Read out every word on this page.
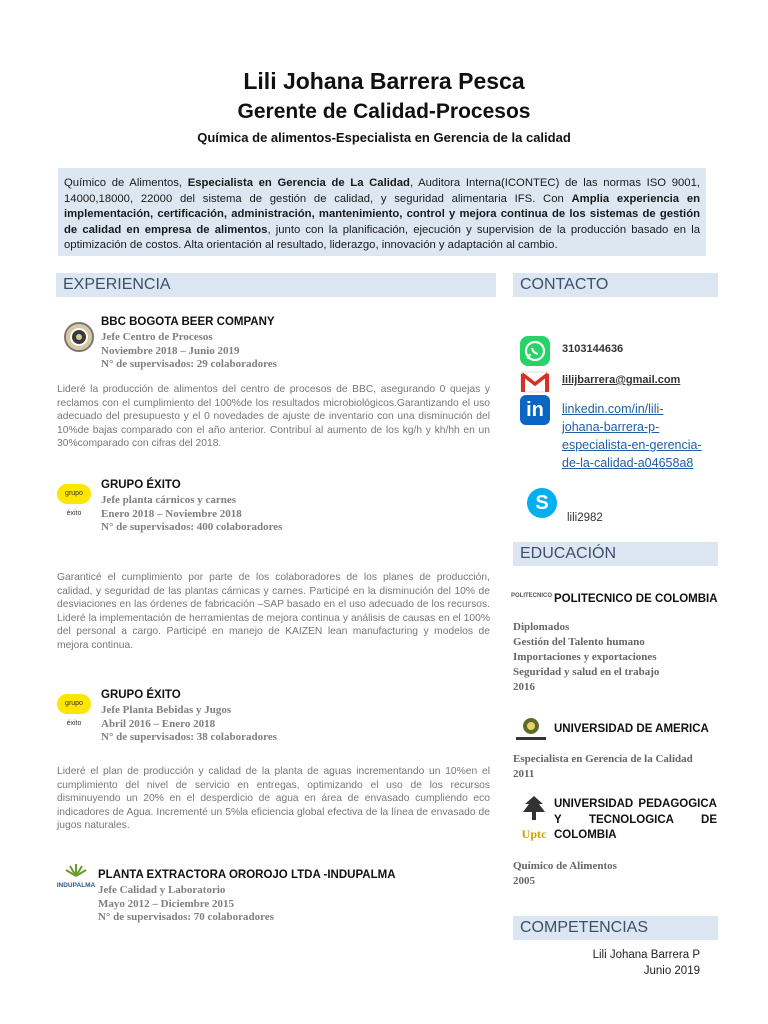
Lili Johana Barrera Pesca
Gerente de Calidad-Procesos
Química de alimentos-Especialista en Gerencia de la calidad
Químico de Alimentos, Especialista en Gerencia de La Calidad, Auditora Interna(ICONTEC) de las normas ISO 9001, 14000,18000, 22000 del sistema de gestión de calidad, y seguridad alimentaria IFS. Con Amplia experiencia en implementación, certificación, administración, mantenimiento, control y mejora continua de los sistemas de gestión de calidad en empresa de alimentos, junto con la planificación, ejecución y supervision de la producción basado en la optimización de costos. Alta orientación al resultado, liderazgo, innovación y adaptación al cambio.
EXPERIENCIA
BBC BOGOTA BEER COMPANY
Jefe Centro de Procesos
Noviembre 2018 – Junio 2019
N° de supervisados: 29 colaboradores
Lideré la producción de alimentos del centro de procesos de BBC, asegurando 0 quejas y reclamos con el cumplimiento del 100%de los resultados microbiológicos.Garantizando el uso adecuado del presupuesto y el 0 novedades de ajuste de inventario con una disminución del 10%de bajas comparado con el año anterior. Contribuí al aumento de los kg/h y kh/hh en un 30%comparado con cifras del 2018.
grupo éxito
GRUPO ÉXITO
Jefe planta cárnicos y carnes
Enero 2018 – Noviembre 2018
N° de supervisados: 400 colaboradores
Garanticé el cumplimiento por parte de los colaboradores de los planes de producción, calidad, y seguridad de las plantas cárnicas y carnes. Participé en la disminución del 10% de desviaciones en las órdenes de fabricación –SAP basado en el uso adecuado de los recursos. Lideré la implementación de herramientas de mejora continua y análisis de causas en el 100% del personal a cargo. Participé en manejo de KAIZEN lean manufacturing y modelos de mejora continua.
grupo éxito
GRUPO ÉXITO
Jefe Planta Bebidas y Jugos
Abril 2016 – Enero 2018
N° de supervisados: 38 colaboradores
Lideré el plan de producción y calidad de la planta de aguas incrementando un 10%en el cumplimiento del nivel de servicio en entregas, optimizando el uso de los recursos disminuyendo un 20% en el desperdicio de agua en área de envasado cumpliendo eco indicadores de Agua. Incrementé un 5%la eficiencia global efectiva de la línea de envasado de jugos naturales.
INDUPALMA
PLANTA EXTRACTORA OROROJO LTDA -INDUPALMA
Jefe Calidad y Laboratorio
Mayo 2012 – Diciembre 2015
N° de supervisados: 70 colaboradores
CONTACTO
3103144636
lilijbarrera@gmail.com
in	linkedin.com/in/lili-
johana-barrera-p-
especialista-en-gerencia-
de-la-calidad-a04658a8
S
lili2982
EDUCACIÓN
POLITECNICO POLITECNICO DE COLOMBIA
Diplomados
Gestión del Talento humano
Importaciones y exportaciones
Seguridad y salud en el trabajo
2016
UNIVERSIDAD DE AMERICA
Especialista en Gerencia de la Calidad
2011
Uptc
UNIVERSIDAD PEDAGOGICA Y TECNOLOGICA DE COLOMBIA
Químico de Alimentos
2005
COMPETENCIAS
Lili Johana Barrera P
Junio 2019
